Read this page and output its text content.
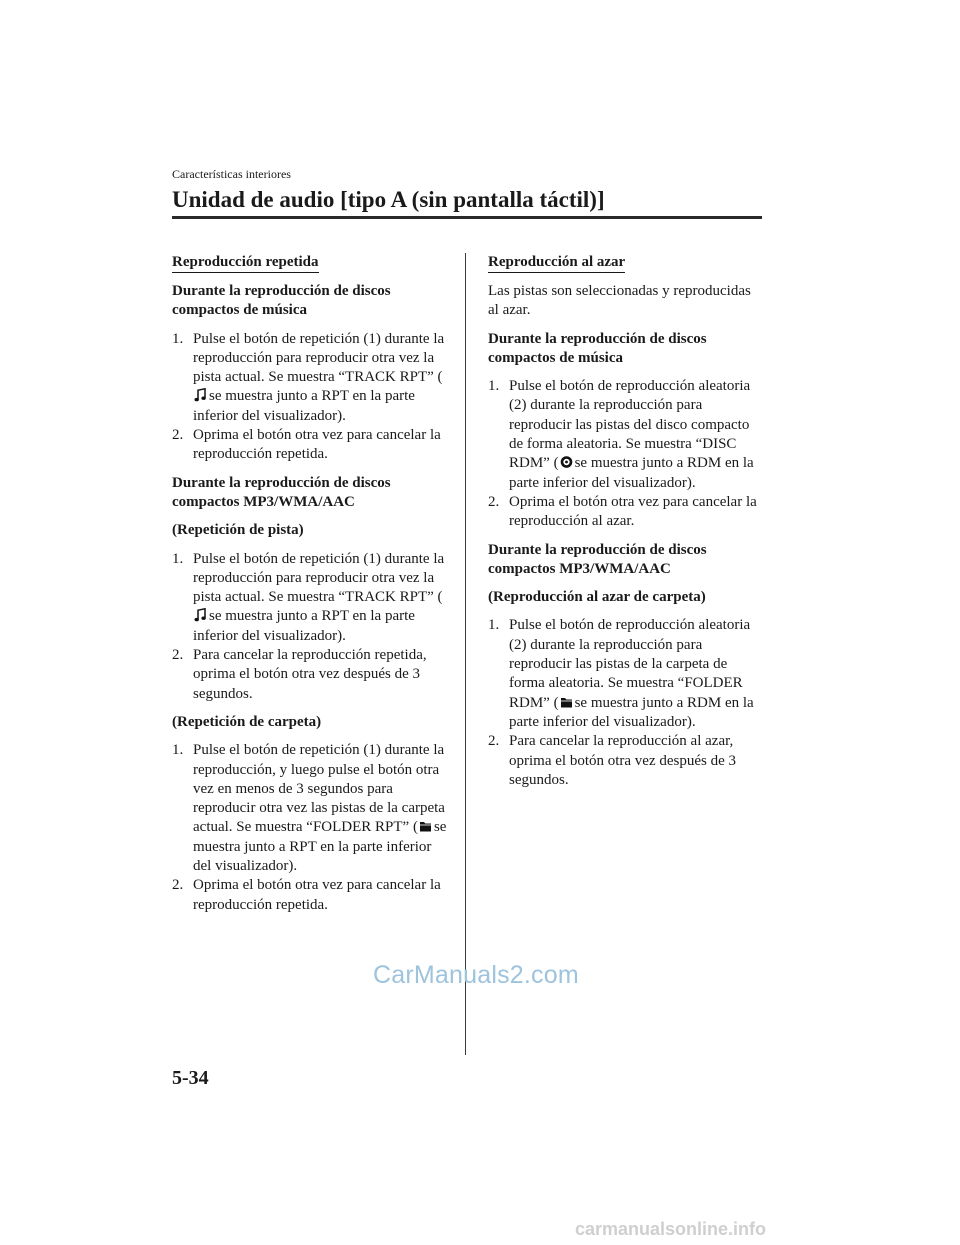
Características interiores
Unidad de audio [tipo A (sin pantalla táctil)]
Reproducción repetida

Durante la reproducción de discos compactos de música

1. Pulse el botón de repetición (1) durante la reproducción para reproducir otra vez la pista actual. Se muestra “TRACK RPT” (
se muestra junto a RPT en la parte inferior del visualizador).
2. Oprima el botón otra vez para cancelar la reproducción repetida.

Durante la reproducción de discos compactos MP3/WMA/AAC

(Repetición de pista)

1. Pulse el botón de repetición (1) durante la reproducción para reproducir otra vez la pista actual. Se muestra “TRACK RPT” (
se muestra junto a RPT en la parte inferior del visualizador).
2. Para cancelar la reproducción repetida, oprima el botón otra vez después de 3 segundos.

(Repetición de carpeta)

1. Pulse el botón de repetición (1) durante la reproducción, y luego pulse el botón otra vez en menos de 3 segundos para reproducir otra vez las pistas de la carpeta actual. Se muestra “FOLDER RPT” ( se muestra junto a RPT en la parte inferior del visualizador).
2. Oprima el botón otra vez para cancelar la reproducción repetida.
Reproducción al azar

Las pistas son seleccionadas y reproducidas al azar.

Durante la reproducción de discos compactos de música

1. Pulse el botón de reproducción aleatoria (2) durante la reproducción para reproducir las pistas del disco compacto de forma aleatoria. Se muestra “DISC RDM” ( se muestra junto a RDM en la parte inferior del visualizador).
2. Oprima el botón otra vez para cancelar la reproducción al azar.

Durante la reproducción de discos compactos MP3/WMA/AAC

(Reproducción al azar de carpeta)

1. Pulse el botón de reproducción aleatoria (2) durante la reproducción para reproducir las pistas de la carpeta de forma aleatoria. Se muestra “FOLDER RDM” ( se muestra junto a RDM en la parte inferior del visualizador).
2. Para cancelar la reproducción al azar, oprima el botón otra vez después de 3 segundos.
CarManuals2.com
5-34
carmanualsonline.info
